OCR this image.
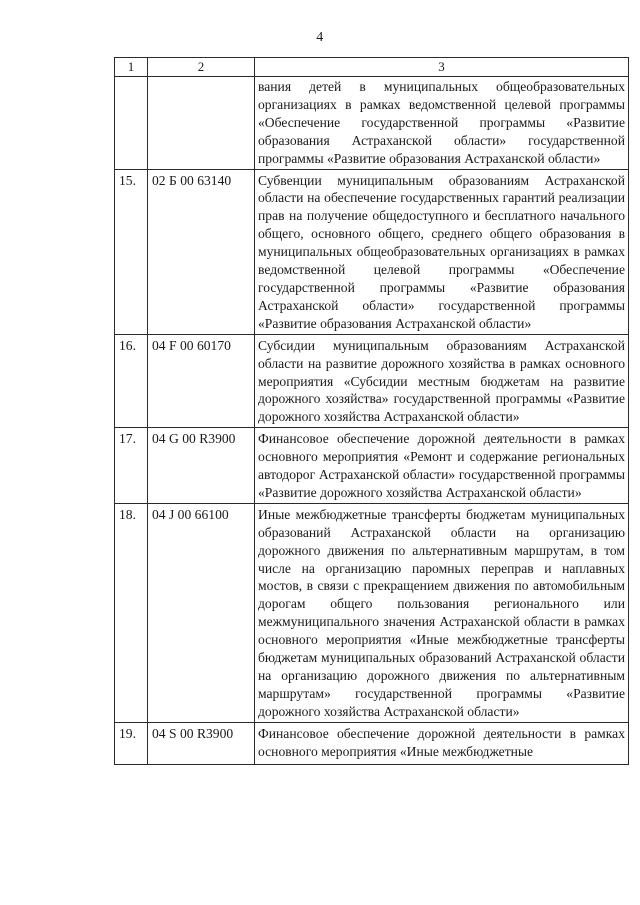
4
1	2	3
		вания детей в муниципальных общеобразовательных организациях в рамках ведомственной целевой программы «Обеспечение государственной программы «Развитие образования Астраханской области» государственной программы «Развитие образования Астраханской области»
15.	02 Б 00 63140	Субвенции муниципальным образованиям Астраханской области на обеспечение государственных гарантий реализации прав на получение общедоступного и бесплатного начального общего, основного общего, среднего общего образования в муниципальных общеобразовательных организациях в рамках ведомственной целевой программы «Обеспечение государственной программы «Развитие образования Астраханской области» государственной программы «Развитие образования Астраханской области»
16.	04 F 00 60170	Субсидии муниципальным образованиям Астраханской области на развитие дорожного хозяйства в рамках основного мероприятия «Субсидии местным бюджетам на развитие дорожного хозяйства» государственной программы «Развитие дорожного хозяйства Астраханской области»
17.	04 G 00 R3900	Финансовое обеспечение дорожной деятельности в рамках основного мероприятия «Ремонт и содержание региональных автодорог Астраханской области» государственной программы «Развитие дорожного хозяйства Астраханской области»
18.	04 J 00 66100	Иные межбюджетные трансферты бюджетам муниципальных образований Астраханской области на организацию дорожного движения по альтернативным маршрутам, в том числе на организацию паромных переправ и наплавных мостов, в связи с прекращением движения по автомобильным дорогам общего пользования регионального или межмуниципального значения Астраханской области в рамках основного мероприятия «Иные межбюджетные трансферты бюджетам муниципальных образований Астраханской области на организацию дорожного движения по альтернативным маршрутам» государственной программы «Развитие дорожного хозяйства Астраханской области»
19.	04 S 00 R3900	Финансовое обеспечение дорожной деятельности в рамках основного мероприятия «Иные межбюджетные
